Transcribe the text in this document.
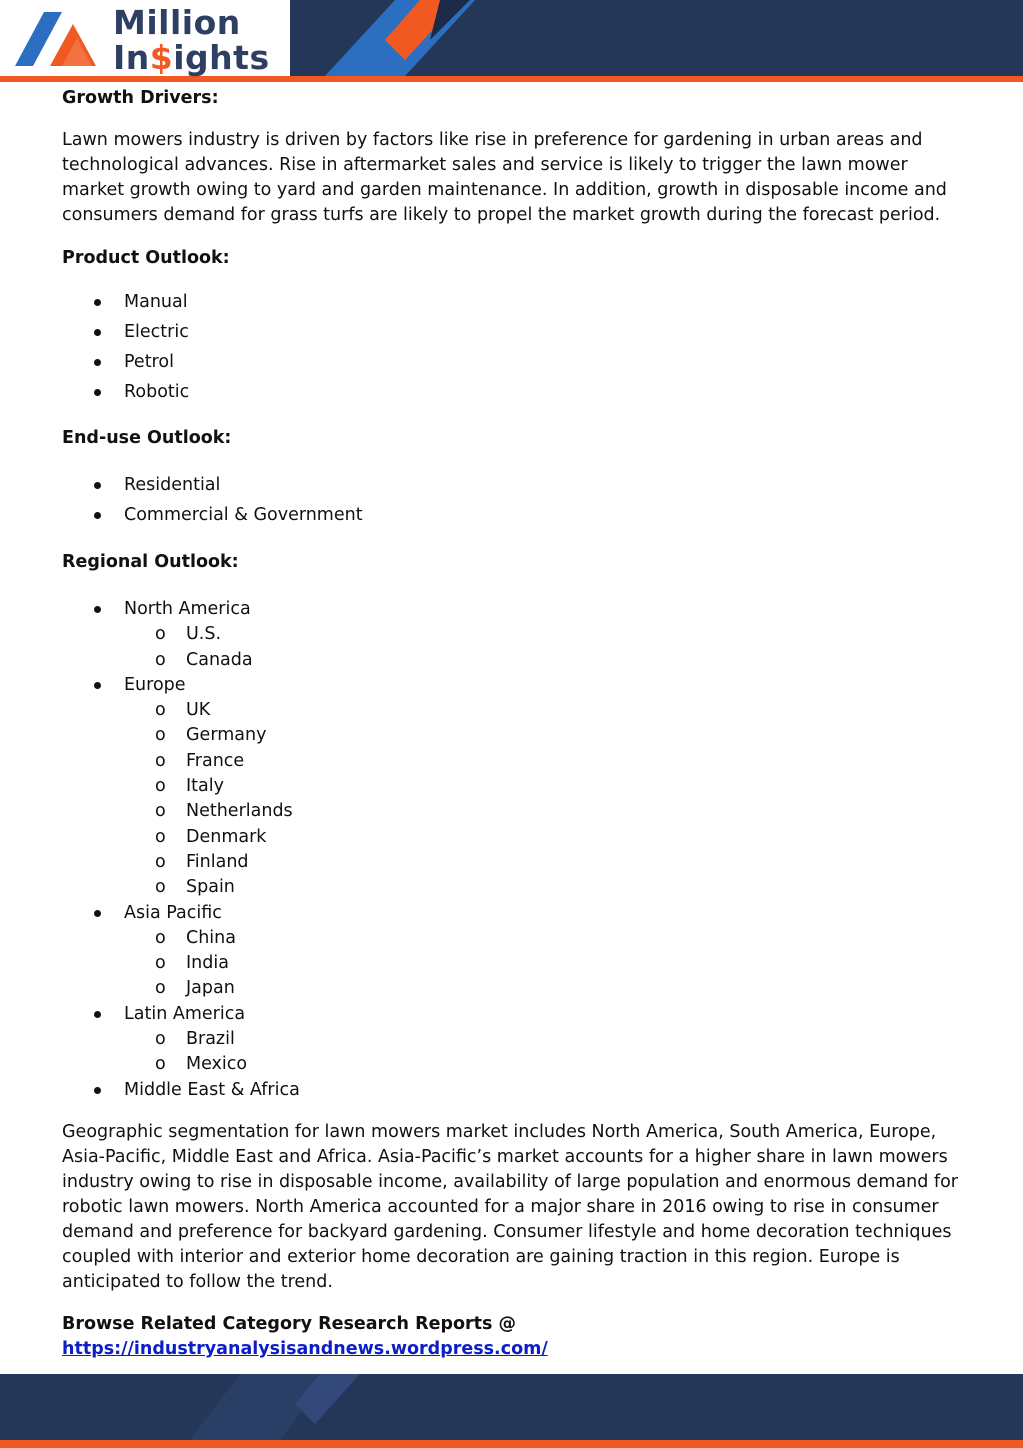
Million
In$ights

Growth Drivers:

Lawn mowers industry is driven by factors like rise in preference for gardening in urban areas and technological advances. Rise in aftermarket sales and service is likely to trigger the lawn mower market growth owing to yard and garden maintenance. In addition, growth in disposable income and consumers demand for grass turfs are likely to propel the market growth during the forecast period.

Product Outlook:

Manual
Electric
Petrol
Robotic

End-use Outlook:

Residential
Commercial & Government

Regional Outlook:

North America
o U.S.
o Canada
Europe
o UK
o Germany
o France
o Italy
o Netherlands
o Denmark
o Finland
o Spain
Asia Pacific
o China
o India
o Japan
Latin America
o Brazil
o Mexico
Middle East & Africa

Geographic segmentation for lawn mowers market includes North America, South America, Europe, Asia-Pacific, Middle East and Africa. Asia-Pacific’s market accounts for a higher share in lawn mowers industry owing to rise in disposable income, availability of large population and enormous demand for robotic lawn mowers. North America accounted for a major share in 2016 owing to rise in consumer demand and preference for backyard gardening. Consumer lifestyle and home decoration techniques coupled with interior and exterior home decoration are gaining traction in this region. Europe is anticipated to follow the trend.

Browse Related Category Research Reports @ https://industryanalysisandnews.wordpress.com/
